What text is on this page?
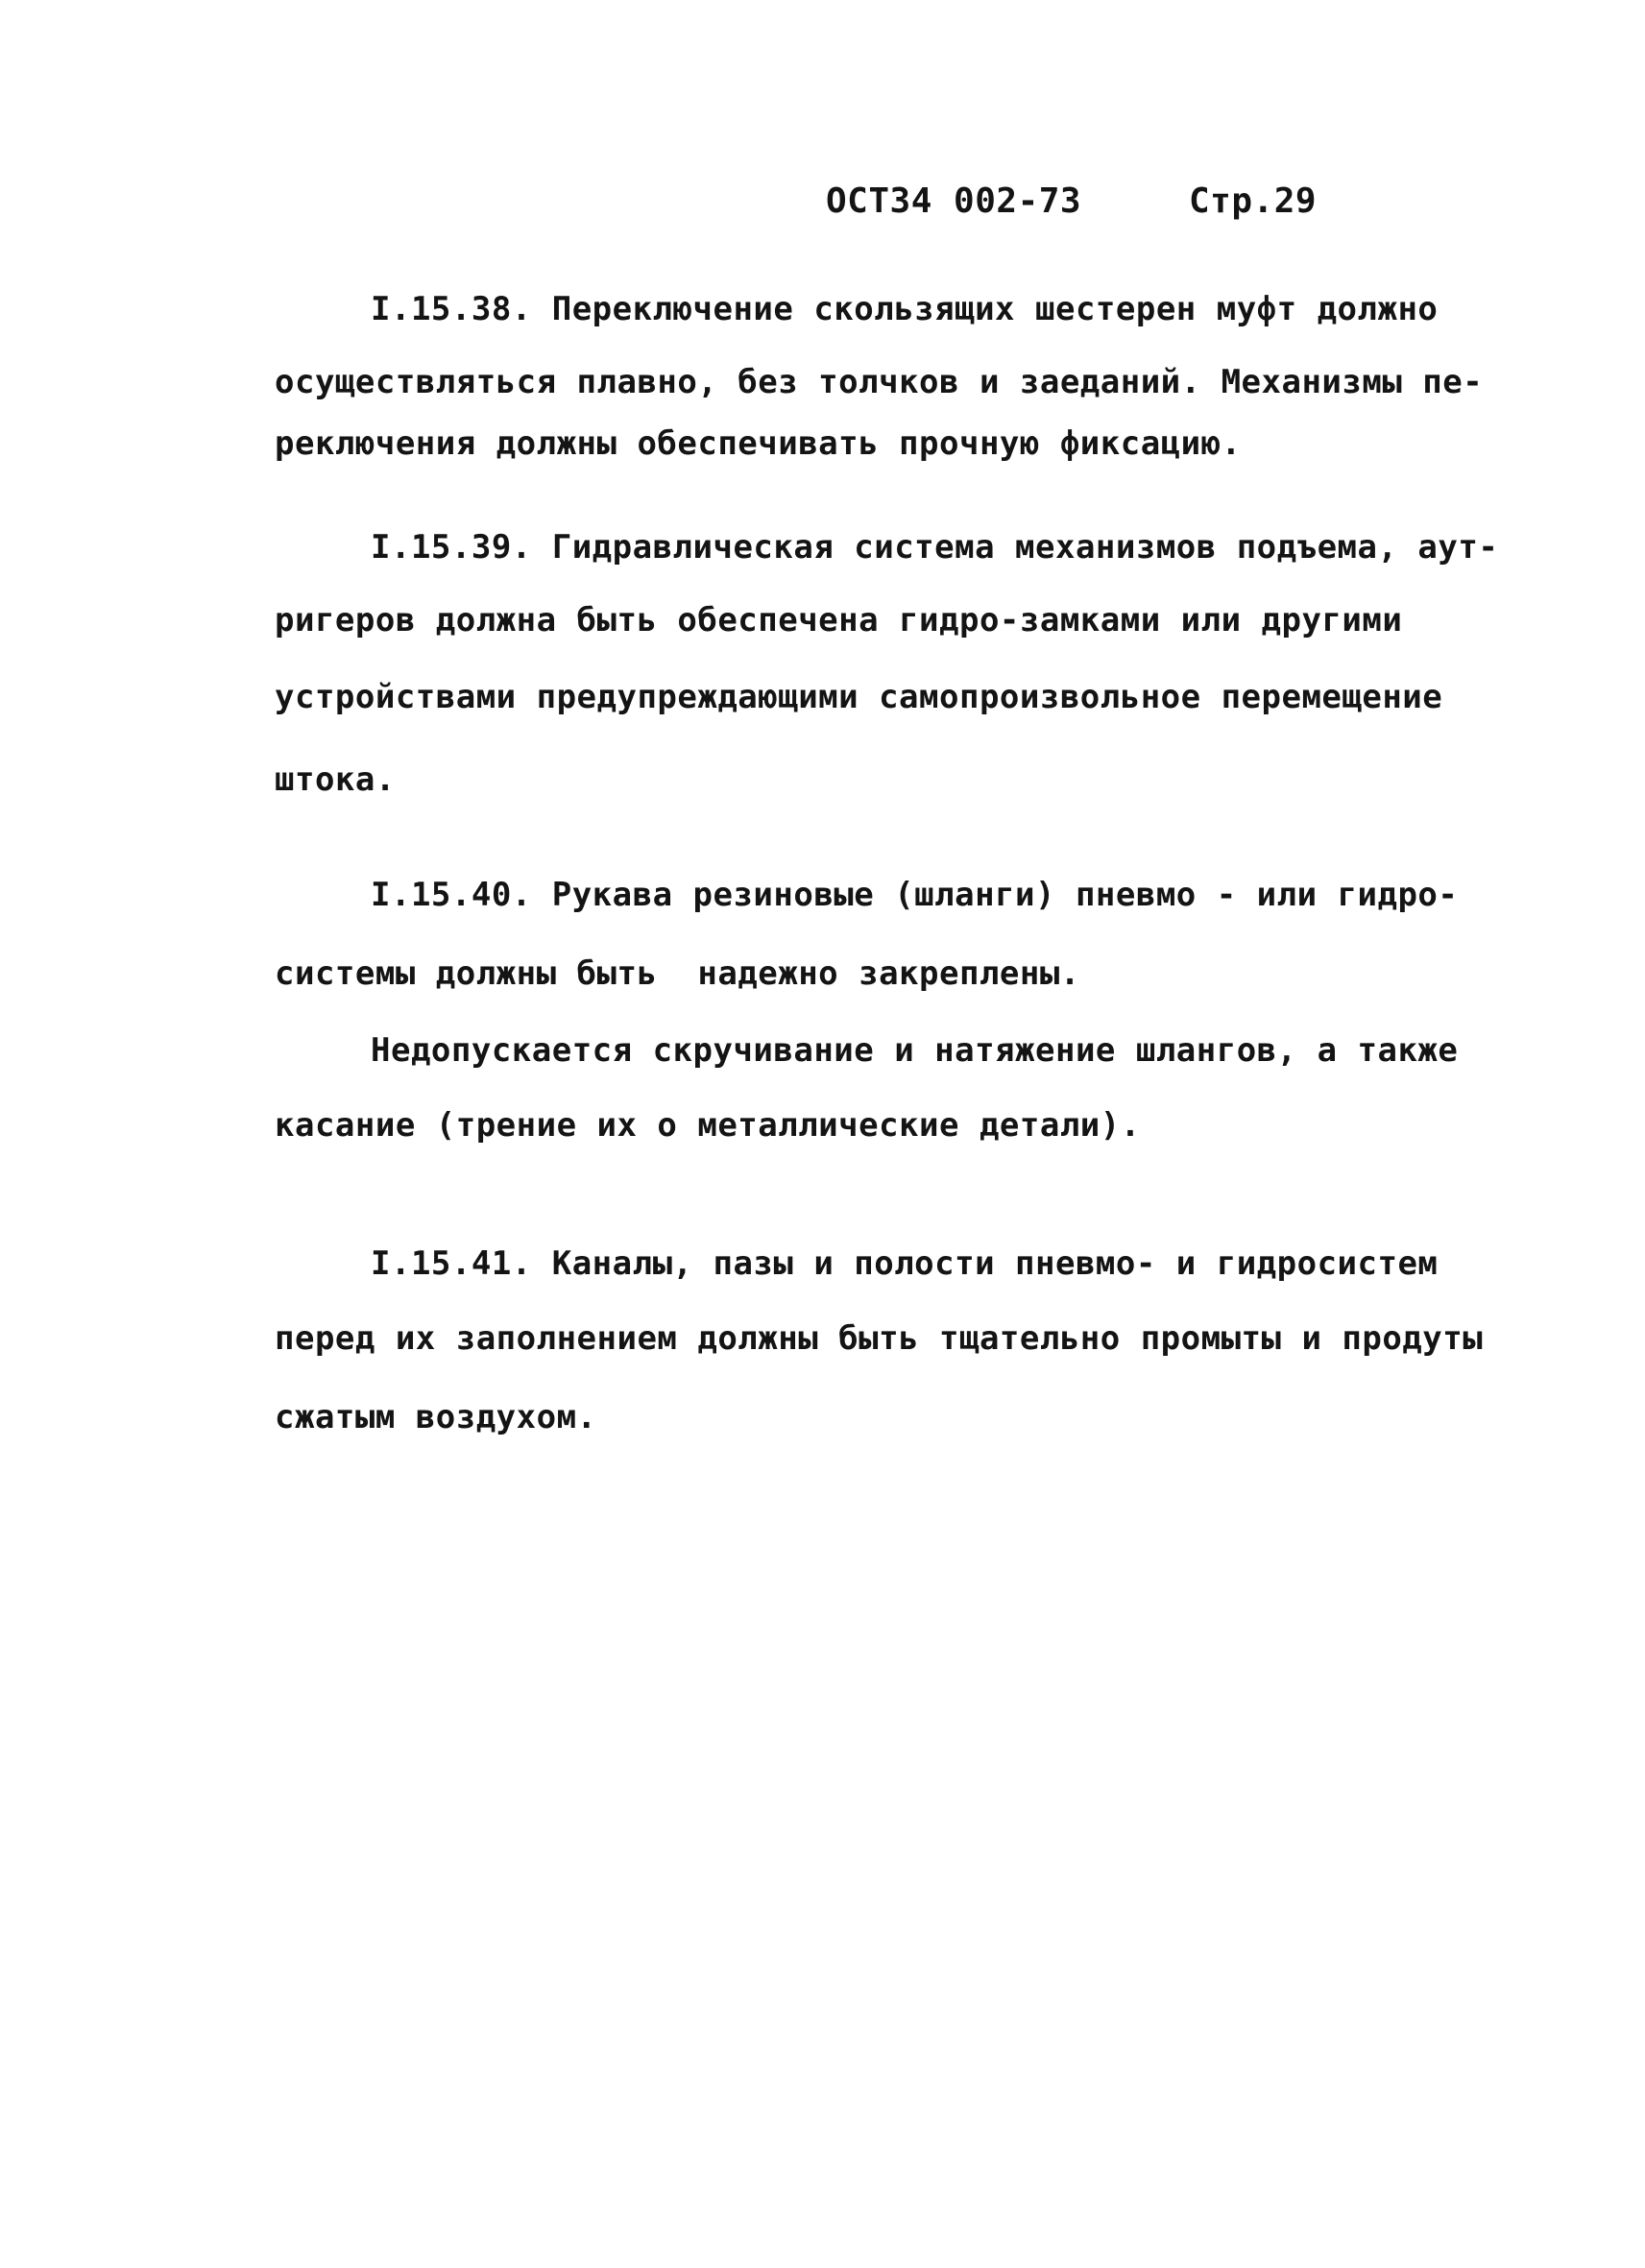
ОСТ34 002-73	Стр.29
I.15.38. Переключение скользящих шестерен муфт должно
осуществляться плавно, без толчков и заеданий. Механизмы пе-
реключения должны обеспечивать прочную фиксацию.
I.15.39. Гидравлическая система механизмов подъема, аут-
ригеров должна быть обеспечена гидро-замками или другими
устройствами предупреждающими самопроизвольное перемещение
штока.
I.15.40. Рукава резиновые (шланги) пневмо - или гидро-
системы должны быть  надежно закреплены.
Недопускается скручивание и натяжение шлангов, а также
касание (трение их о металлические детали).
I.15.41. Каналы, пазы и полости пневмо- и гидросистем
перед их заполнением должны быть тщательно промыты и продуты
сжатым воздухом.
